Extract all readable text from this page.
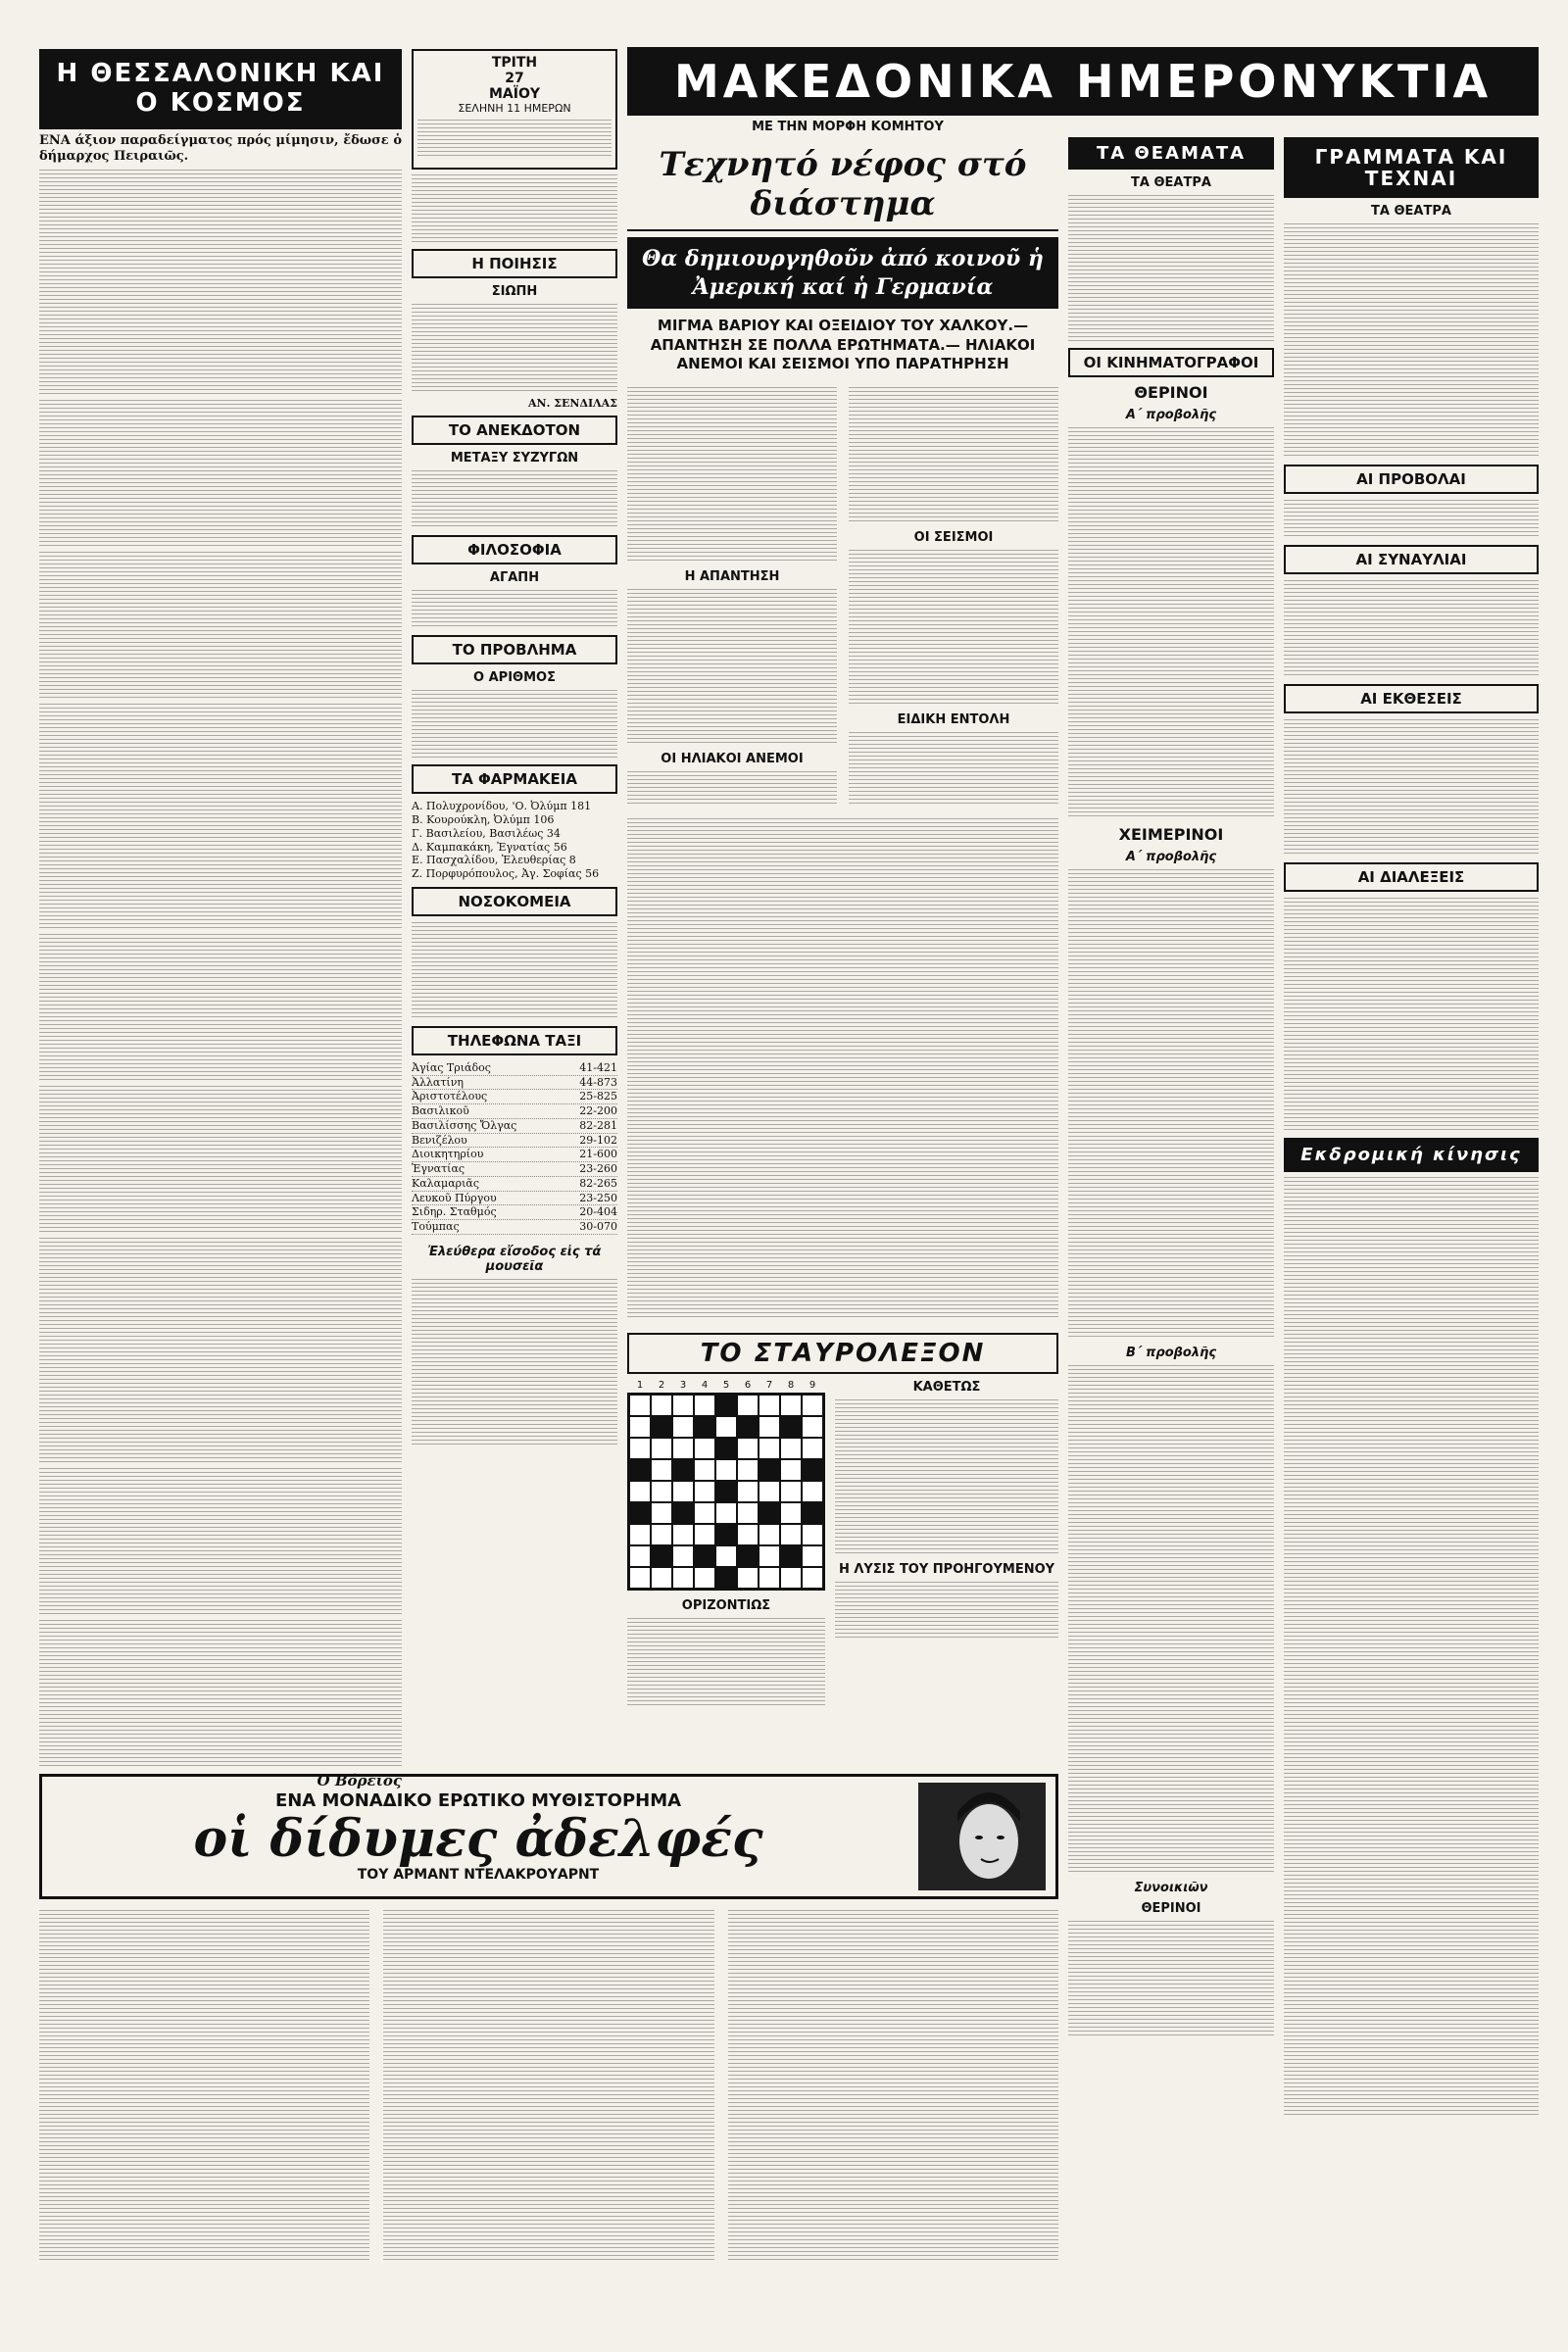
Η ΘΕΣΣΑΛΟΝΙΚΗ ΚΑΙ Ο ΚΟΣΜΟΣ
ΕΝΑ άξιον παραδείγματος πρός μίμησιν, ἔδωσε ὁ δήμαρχος Πειραιῶς.
Ο Βόρειος
ΤΡΙΤΗ
27
ΜΑΪΟΥ
ΣΕΛΗΝΗ 11 ΗΜΕΡΩΝ
Η ΠΟΙΗΣΙΣ
ΣΙΩΠΗ
ΑΝ. ΣΕΝΔΙΛΑΣ
ΤΟ ΑΝΕΚΔΟΤΟΝ
ΜΕΤΑΞΥ ΣΥΖΥΓΩΝ
ΦΙΛΟΣΟΦΙΑ
ΑΓΑΠΗ
ΤΟ ΠΡΟΒΛΗΜΑ
Ο ΑΡΙΘΜΟΣ
ΤΑ ΦΑΡΜΑΚΕΙΑ
Α. Πολυχρονίδου, 'Ο. Ὀλύμπ 181
Β. Κουρούκλη, Ὀλύμπ 106
Γ. Βασιλείου, Βασιλέως 34
Δ. Καμπακάκη, Ἐγνατίας 56
Ε. Πασχαλίδου, Ἐλευθερίας 8
Ζ. Πορφυρόπουλος, Ἀγ. Σοφίας 56
ΝΟΣΟΚΟΜΕΙΑ
ΤΗΛΕΦΩΝΑ ΤΑΞΙ
Ἀγίας Τριάδος	41-421
Ἀλλατίνη	44-873
Ἀριστοτέλους	25-825
Βασιλικοῦ	22-200
Βασιλίσσης Ὄλγας	82-281
Βενιζέλου	29-102
Διοικητηρίου	21-600
Ἐγνατίας	23-260
Καλαμαριᾶς	82-265
Λευκοῦ Πύργου	23-250
Σιδηρ. Σταθμός	20-404
Τούμπας	30-070
Ἐλεύθερα εἴσοδος εἰς τά μουσεῖα
ΜΑΚΕΔΟΝΙΚΑ ΗΜΕΡΟΝΥΚΤΙΑ
ΜΕ ΤΗΝ ΜΟΡΦΗ ΚΟΜΗΤΟΥ
Τεχνητό νέφος στό διάστημα
Θα δημιουργηθοῦν ἀπό κοινοῦ ἡ Ἀμερική καί ἡ Γερμανία
ΜΙΓΜΑ ΒΑΡΙΟΥ ΚΑΙ ΟΞΕΙΔΙΟΥ ΤΟΥ ΧΑΛΚΟΥ.— ΑΠΑΝΤΗΣΗ ΣΕ ΠΟΛΛΑ ΕΡΩΤΗΜΑΤΑ.— ΗΛΙΑΚΟΙ ΑΝΕΜΟΙ ΚΑΙ ΣΕΙΣΜΟΙ ΥΠΟ ΠΑΡΑΤΗΡΗΣΗ
Η ΑΠΑΝΤΗΣΗ
ΟΙ ΗΛΙΑΚΟΙ ΑΝΕΜΟΙ
ΟΙ ΣΕΙΣΜΟΙ
ΕΙΔΙΚΗ ΕΝΤΟΛΗ
ΤΟ ΣΤΑΥΡΟΛΕΞΟΝ
1	2	3	4	5	6	7	8	9
ΟΡΙΖΟΝΤΙΩΣ
ΚΑΘΕΤΩΣ
Η ΛΥΣΙΣ ΤΟΥ ΠΡΟΗΓΟΥΜΕΝΟΥ
ΤΑ ΘΕΑΜΑΤΑ
ΤΑ ΘΕΑΤΡΑ
ΟΙ ΚΙΝΗΜΑΤΟΓΡΑΦΟΙ
ΘΕΡΙΝΟΙ
Α΄ προβολῆς
ΧΕΙΜΕΡΙΝΟΙ
Α΄ προβολῆς
Β΄ προβολῆς
Συνοικιῶν
ΘΕΡΙΝΟΙ
ΓΡΑΜΜΑΤΑ ΚΑΙ ΤΕΧΝΑΙ
ΤΑ ΘΕΑΤΡΑ
ΑΙ ΠΡΟΒΟΛΑΙ
ΑΙ ΣΥΝΑΥΛΙΑΙ
ΑΙ ΕΚΘΕΣΕΙΣ
ΑΙ ΔΙΑΛΕΞΕΙΣ
Εκδρομική κίνησις
ΕΝΑ ΜΟΝΑΔΙΚΟ ΕΡΩΤΙΚΟ ΜΥΘΙΣΤΟΡΗΜΑ
οἱ δίδυμες ἀδελφές
ΤΟΥ ΑΡΜΑΝΤ ΝΤΕΛΑΚΡΟΥΑΡΝΤ
